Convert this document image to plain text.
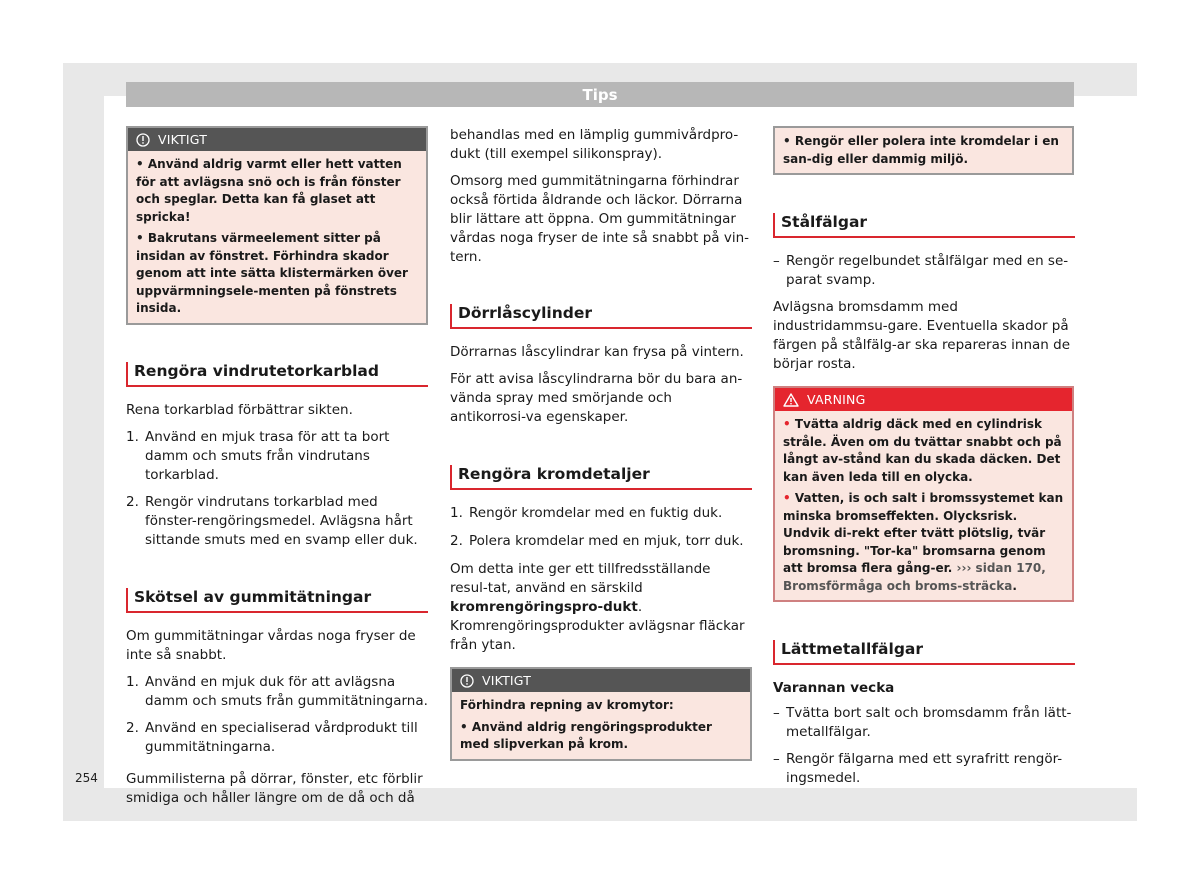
Tips
VIKTIGT

• Använd aldrig varmt eller hett vatten för att avlägsna snö och is från fönster och speglar. Detta kan få glaset att spricka!

• Bakrutans värmeelement sitter på insidan av fönstret. Förhindra skador genom att inte sätta klistermärken över uppvärmningsele-menten på fönstrets insida.

Rengöra vindrutetorkarblad

Rena torkarblad förbättrar sikten.

1. Använd en mjuk trasa för att ta bort damm och smuts från vindrutans torkarblad.
2. Rengör vindrutans torkarblad med fönster-rengöringsmedel. Avlägsna hårt sittande smuts med en svamp eller duk.
Skötsel av gummitätningar

Om gummitätningar vårdas noga fryser de inte så snabbt.

1. Använd en mjuk duk för att avlägsna damm och smuts från gummitätningarna.
2. Använd en specialiserad vårdprodukt till gummitätningarna.

Gummilisterna på dörrar, fönster, etc förblir smidiga och håller längre om de då och då

behandlas med en lämplig gummivårdpro-dukt (till exempel silikonspray).

Omsorg med gummitätningarna förhindrar också förtida åldrande och läckor. Dörrarna blir lättare att öppna. Om gummitätningar vårdas noga fryser de inte så snabbt på vin-tern.

Dörrlåscylinder

Dörrarnas låscylindrar kan frysa på vintern.

För att avisa låscylindrarna bör du bara an-vända spray med smörjande och antikorrosi-va egenskaper.

Rengöra kromdetaljer
1. Rengör kromdelar med en fuktig duk.
2. Polera kromdelar med en mjuk, torr duk.

Om detta inte ger ett tillfredsställande resul-tat, använd en särskild kromrengöringspro-dukt. Kromrengöringsprodukter avlägsnar fläckar från ytan.

VIKTIGT

Förhindra repning av kromytor:

• Använd aldrig rengöringsprodukter med slipverkan på krom.

• Rengör eller polera inte kromdelar i en san-dig eller dammig miljö.

Stålfälgar
– Rengör regelbundet stålfälgar med en se-parat svamp.

Avlägsna bromsdamm med industridammsu-gare. Eventuella skador på färgen på stålfälg-ar ska repareras innan de börjar rosta.

VARNING

• Tvätta aldrig däck med en cylindrisk stråle. Även om du tvättar snabbt och på långt av-stånd kan du skada däcken. Det kan även leda till en olycka.

• Vatten, is och salt i bromssystemet kan minska bromseffekten. Olycksrisk. Undvik di-rekt efter tvätt plötslig, tvär bromsning. "Tor-ka" bromsarna genom att bromsa flera gång-er. ››› sidan 170, Bromsförmåga och broms-sträcka.

Lättmetallfälgar

Varannan vecka

– Tvätta bort salt och bromsdamm från lätt-metallfälgar.
– Rengör fälgarna med ett syrafritt rengör-ingsmedel.
254
